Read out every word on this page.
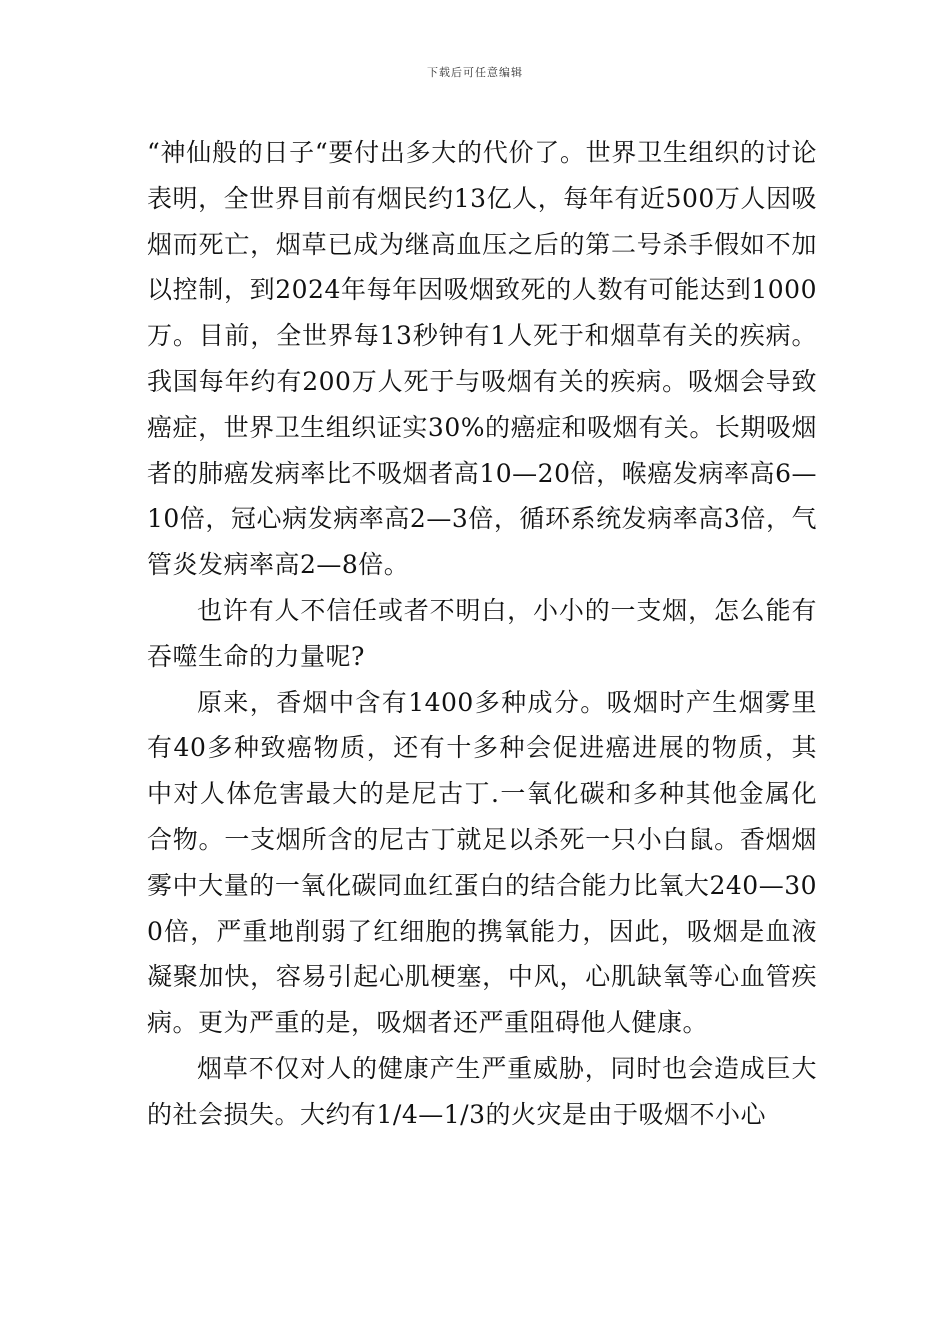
下载后可任意编辑

“神仙般的日子“要付出多大的代价了。世界卫生组织的讨论表明，全世界目前有烟民约13亿人，每年有近500万人因吸烟而死亡，烟草已成为继高血压之后的第二号杀手假如不加以控制，到2024年每年因吸烟致死的人数有可能达到1000万。目前，全世界每13秒钟有1人死于和烟草有关的疾病。我国每年约有200万人死于与吸烟有关的疾病。吸烟会导致癌症，世界卫生组织证实30%的癌症和吸烟有关。长期吸烟者的肺癌发病率比不吸烟者高10—20倍，喉癌发病率高6—10倍，冠心病发病率高2—3倍，循环系统发病率高3倍，气管炎发病率高2—8倍。

也许有人不信任或者不明白，小小的一支烟，怎么能有吞噬生命的力量呢?

原来，香烟中含有1400多种成分。吸烟时产生烟雾里有40多种致癌物质，还有十多种会促进癌进展的物质，其中对人体危害最大的是尼古丁.一氧化碳和多种其他金属化合物。一支烟所含的尼古丁就足以杀死一只小白鼠。香烟烟雾中大量的一氧化碳同血红蛋白的结合能力比氧大240—300倍，严重地削弱了红细胞的携氧能力，因此，吸烟是血液凝聚加快，容易引起心肌梗塞，中风，心肌缺氧等心血管疾病。更为严重的是，吸烟者还严重阻碍他人健康。

烟草不仅对人的健康产生严重威胁，同时也会造成巨大的社会损失。大约有1/4—1/3的火灾是由于吸烟不小心
